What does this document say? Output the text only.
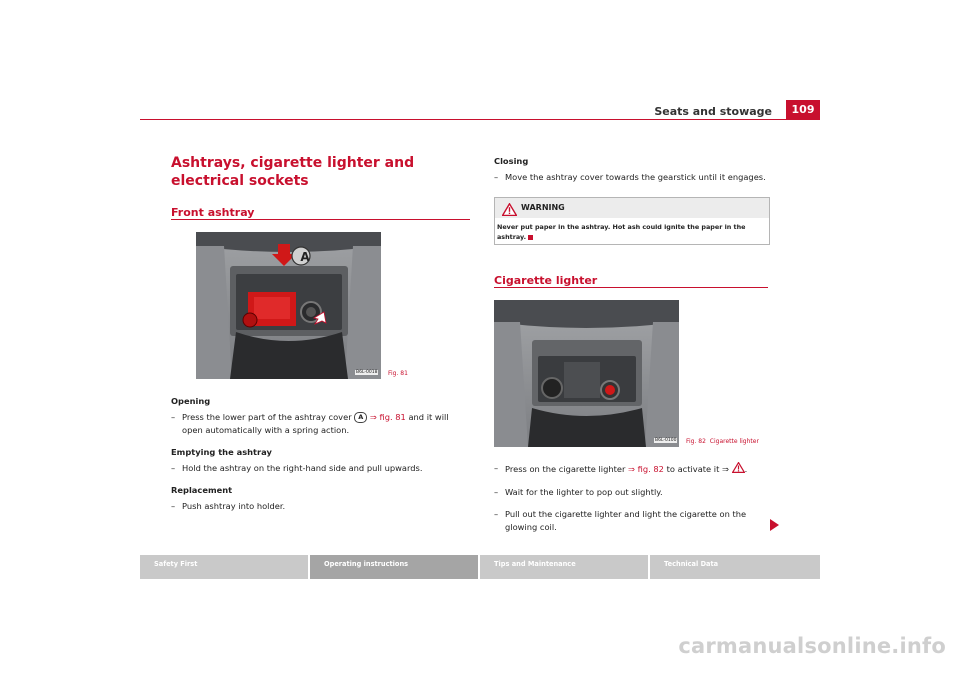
Seats and stowage	109
Ashtrays, cigarette lighter and electrical sockets
Front ashtray
A
B6L-0018 Fig. 81
Opening
– Press the lower part of the ashtray cover A ⇒ fig. 81 and it will open automatically with a spring action.
Emptying the ashtray
– Hold the ashtray on the right-hand side and pull upwards.
Replacement
– Push ashtray into holder.
Closing
– Move the ashtray cover towards the gearstick until it engages.
WARNING
Never put paper in the ashtray. Hot ash could ignite the paper in the ashtray.
Cigarette lighter
B6L-0100 Fig. 82 Cigarette lighter
– Press on the cigarette lighter ⇒ fig. 82 to activate it ⇒ .
– Wait for the lighter to pop out slightly.
– Pull out the cigarette lighter and light the cigarette on the glowing coil.
Safety First	Operating instructions	Tips and Maintenance	Technical Data
carmanualsonline.info
